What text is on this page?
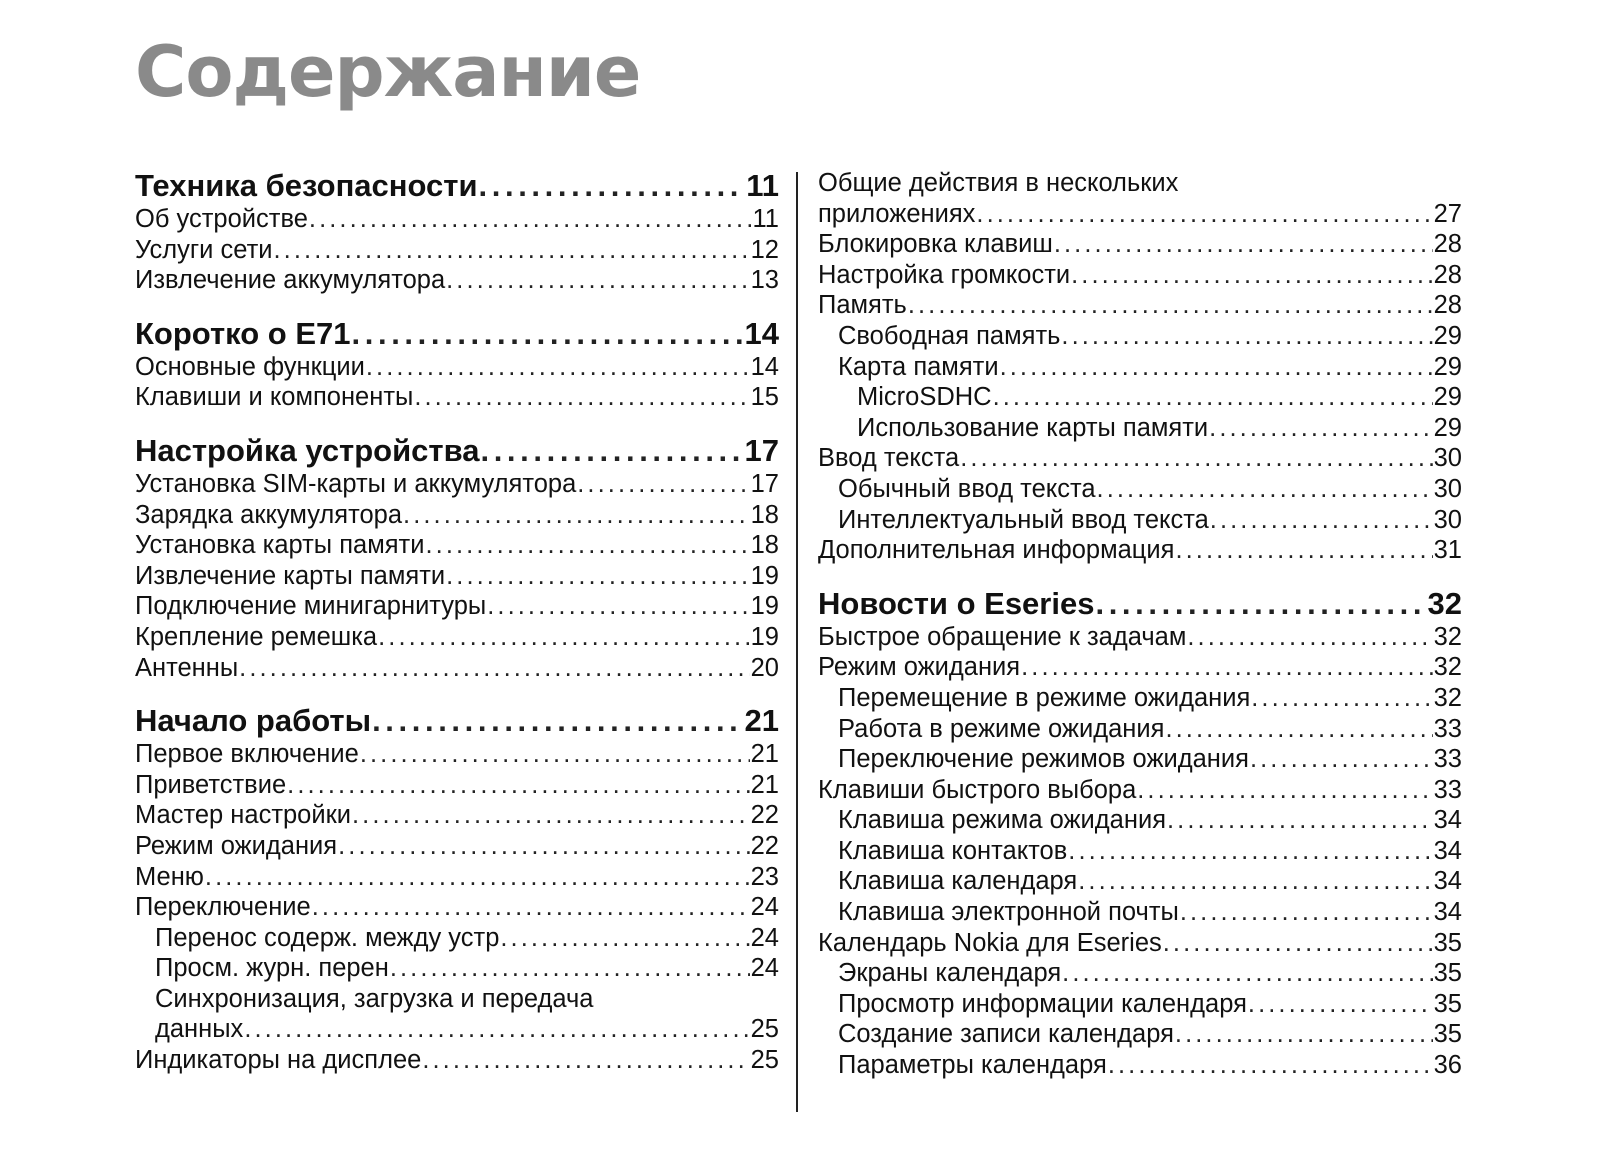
Содержание
Техника безопасности . . .	11
Об устройстве . . .	11
Услуги сети . . .	12
Извлечение аккумулятора . . .	13
Коротко о E71 . . .	14
Основные функции . . .	14
Клавиши и компоненты . . .	15
Настройка устройства . . .	17
Установка SIM-карты и аккумулятора . . .	17
Зарядка аккумулятора . . .	18
Установка карты памяти . . .	18
Извлечение карты памяти . . .	19
Подключение минигарнитуры . . .	19
Крепление ремешка . . .	19
Антенны . . .	20
Начало работы . . .	21
Первое включение . . .	21
Приветствие . . .	21
Мастер настройки . . .	22
Режим ожидания . . .	22
Меню . . .	23
Переключение . . .	24
Перенос содерж. между устр . . .	24
Просм. журн. перен . . .	24
Синхронизация, загрузка и передача
данных . . .	25
Индикаторы на дисплее . . .	25
Общие действия в нескольких
приложениях . . .	27
Блокировка клавиш . . .	28
Настройка громкости . . .	28
Память . . .	28
Свободная память . . .	29
Карта памяти . . .	29
MicroSDHC . . .	29
Использование карты памяти . . .	29
Ввод текста . . .	30
Обычный ввод текста . . .	30
Интеллектуальный ввод текста . . .	30
Дополнительная информация . . .	31
Новости о Eseries . . .	32
Быстрое обращение к задачам . . .	32
Режим ожидания . . .	32
Перемещение в режиме ожидания . . .	32
Работа в режиме ожидания . . .	33
Переключение режимов ожидания . . .	33
Клавиши быстрого выбора . . .	33
Клавиша режима ожидания . . .	34
Клавиша контактов . . .	34
Клавиша календаря . . .	34
Клавиша электронной почты . . .	34
Календарь Nokia для Eseries . . .	35
Экраны календаря . . .	35
Просмотр информации календаря . . .	35
Создание записи календаря . . .	35
Параметры календаря . . .	36
